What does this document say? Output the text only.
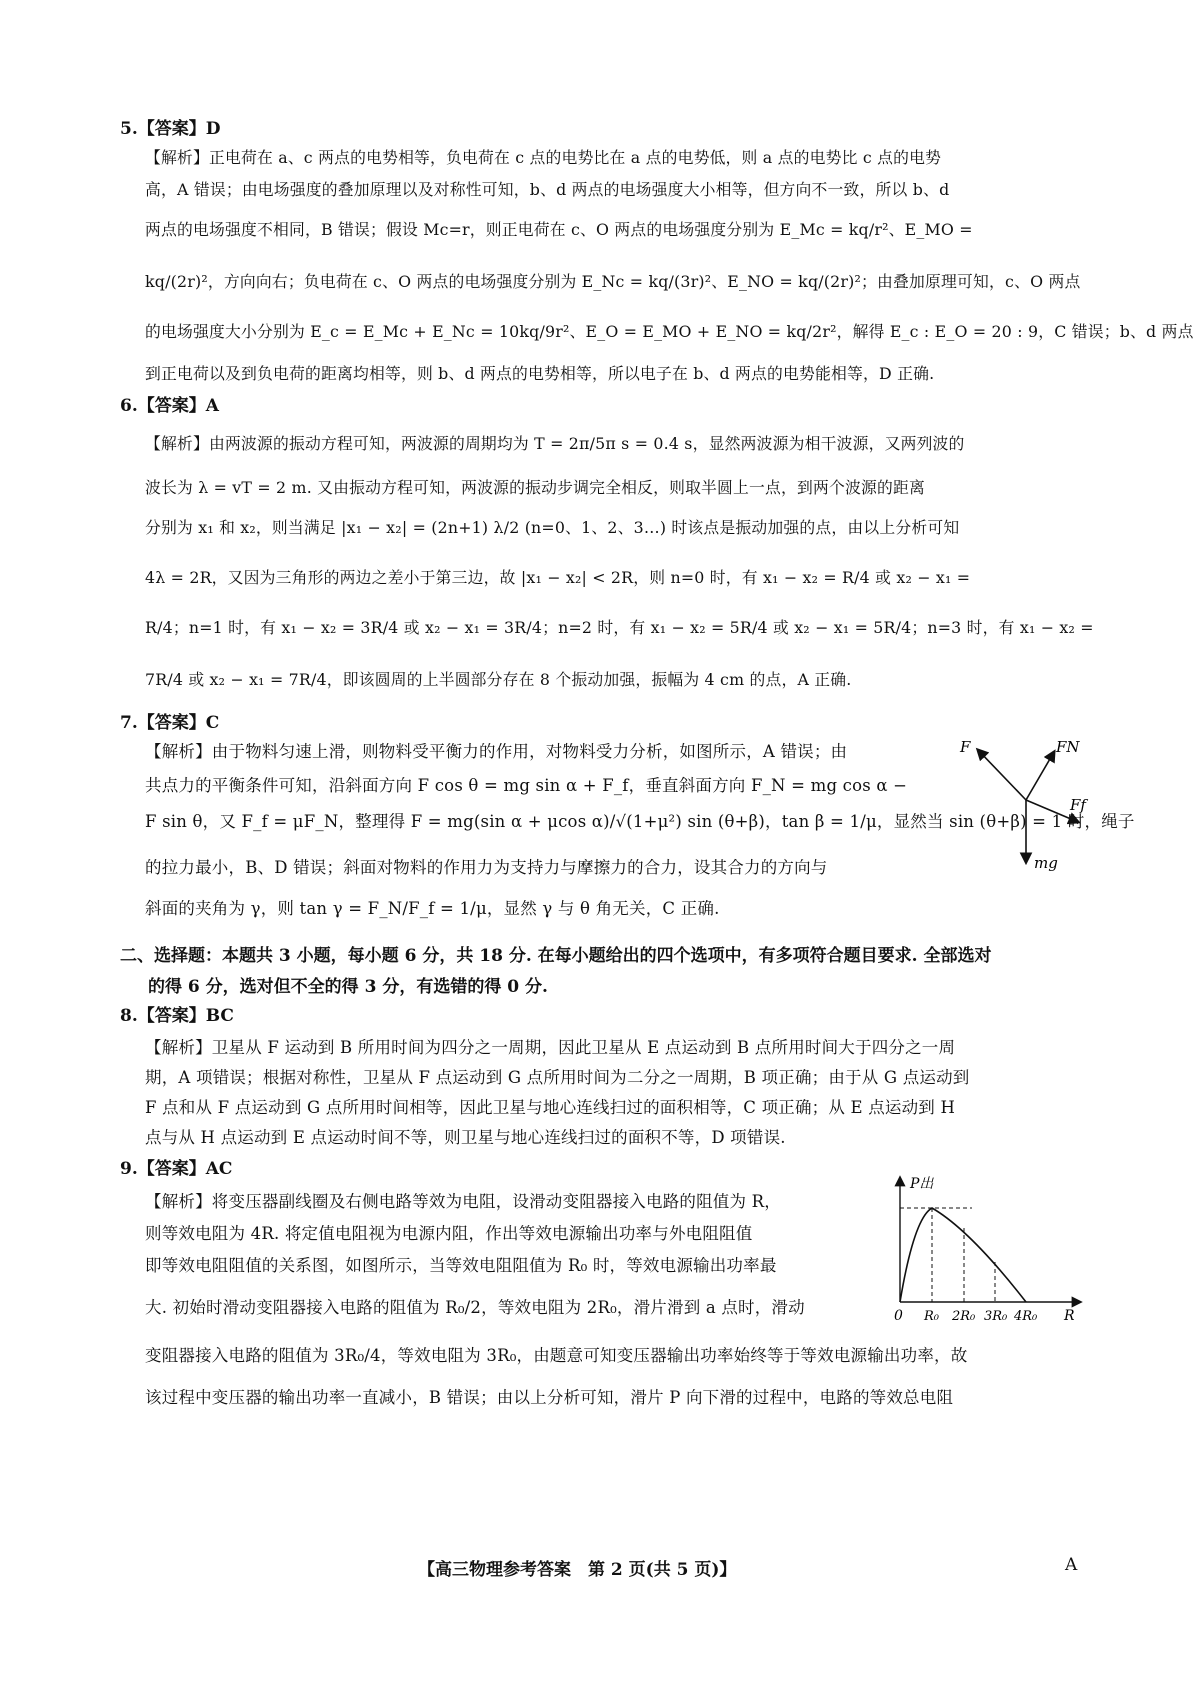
5.【答案】D
【解析】正电荷在 a、c 两点的电势相等，负电荷在 c 点的电势比在 a 点的电势低，则 a 点的电势比 c 点的电势
高，A 错误；由电场强度的叠加原理以及对称性可知，b、d 两点的电场强度大小相等，但方向不一致，所以 b、d
两点的电场强度不相同，B 错误；假设 Mc=r，则正电荷在 c、O 两点的电场强度分别为 E_Mc = kq/r²、E_MO =
kq/(2r)²，方向向右；负电荷在 c、O 两点的电场强度分别为 E_Nc = kq/(3r)²、E_NO = kq/(2r)²；由叠加原理可知，c、O 两点
的电场强度大小分别为 E_c = E_Mc + E_Nc = 10kq/9r²、E_O = E_MO + E_NO = kq/2r²，解得 E_c : E_O = 20 : 9，C 错误；b、d 两点
到正电荷以及到负电荷的距离均相等，则 b、d 两点的电势相等，所以电子在 b、d 两点的电势能相等，D 正确.
6.【答案】A
【解析】由两波源的振动方程可知，两波源的周期均为 T = 2π/5π s = 0.4 s，显然两波源为相干波源，又两列波的
波长为 λ = vT = 2 m. 又由振动方程可知，两波源的振动步调完全相反，则取半圆上一点，到两个波源的距离
分别为 x₁ 和 x₂，则当满足 |x₁ − x₂| = (2n+1) λ/2 (n=0、1、2、3…) 时该点是振动加强的点，由以上分析可知
4λ = 2R，又因为三角形的两边之差小于第三边，故 |x₁ − x₂| < 2R，则 n=0 时，有 x₁ − x₂ = R/4 或 x₂ − x₁ =
R/4；n=1 时，有 x₁ − x₂ = 3R/4 或 x₂ − x₁ = 3R/4；n=2 时，有 x₁ − x₂ = 5R/4 或 x₂ − x₁ = 5R/4；n=3 时，有 x₁ − x₂ =
7R/4 或 x₂ − x₁ = 7R/4，即该圆周的上半圆部分存在 8 个振动加强，振幅为 4 cm 的点，A 正确.
7.【答案】C
【解析】由于物料匀速上滑，则物料受平衡力的作用，对物料受力分析，如图所示，A 错误；由
共点力的平衡条件可知，沿斜面方向 F cos θ = mg sin α + F_f，垂直斜面方向 F_N = mg cos α −
F sin θ，又 F_f = μF_N，整理得 F = mg(sin α + μcos α)/√(1+μ²) sin (θ+β)，tan β = 1/μ，显然当 sin (θ+β) = 1 时，绳子
的拉力最小，B、D 错误；斜面对物料的作用力为支持力与摩擦力的合力，设其合力的方向与
斜面的夹角为 γ，则 tan γ = F_N/F_f = 1/μ，显然 γ 与 θ 角无关，C 正确.
F	FN
Ff
mg
二、选择题：本题共 3 小题，每小题 6 分，共 18 分. 在每小题给出的四个选项中，有多项符合题目要求. 全部选对
的得 6 分，选对但不全的得 3 分，有选错的得 0 分.
8.【答案】BC
【解析】卫星从 F 运动到 B 所用时间为四分之一周期，因此卫星从 E 点运动到 B 点所用时间大于四分之一周
期，A 项错误；根据对称性，卫星从 F 点运动到 G 点所用时间为二分之一周期，B 项正确；由于从 G 点运动到
F 点和从 F 点运动到 G 点所用时间相等，因此卫星与地心连线扫过的面积相等，C 项正确；从 E 点运动到 H
点与从 H 点运动到 E 点运动时间不等，则卫星与地心连线扫过的面积不等，D 项错误.
9.【答案】AC
【解析】将变压器副线圈及右侧电路等效为电阻，设滑动变阻器接入电路的阻值为 R，
则等效电阻为 4R. 将定值电阻视为电源内阻，作出等效电源输出功率与外电阻阻值
即等效电阻阻值的关系图，如图所示，当等效电阻阻值为 R₀ 时，等效电源输出功率最
大. 初始时滑动变阻器接入电路的阻值为 R₀/2，等效电阻为 2R₀，滑片滑到 a 点时，滑动
变阻器接入电路的阻值为 3R₀/4，等效电阻为 3R₀，由题意可知变压器输出功率始终等于等效电源输出功率，故
该过程中变压器的输出功率一直减小，B 错误；由以上分析可知，滑片 P 向下滑的过程中，电路的等效总电阻
P出
0 R₀ 2R₀ 3R₀ 4R₀ R
【高三物理参考答案　第 2 页(共 5 页)】	A
